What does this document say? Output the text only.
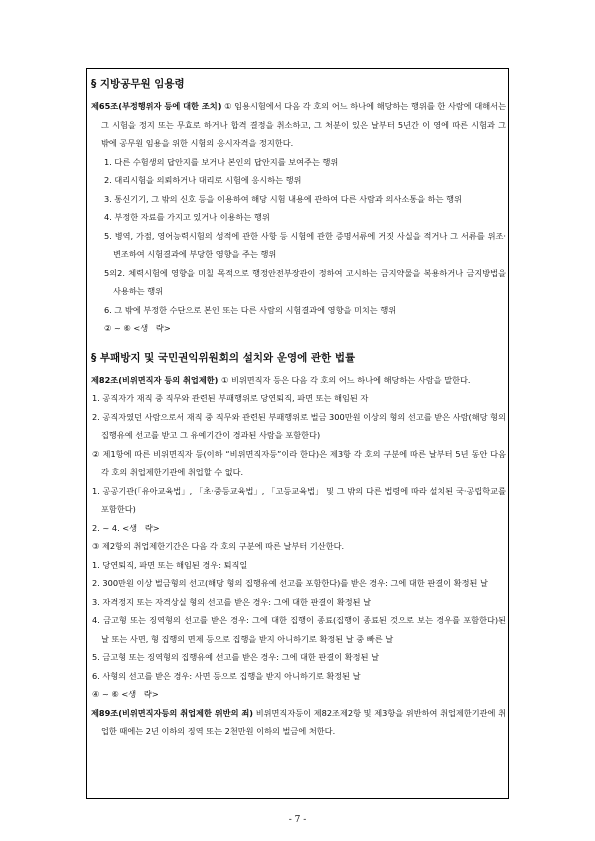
§ 지방공무원 임용령

제65조(부정행위자 등에 대한 조치) ① 임용시험에서 다음 각 호의 어느 하나에 해당하는 행위를 한 사람에 대해서는 그 시험을 정지 또는 무효로 하거나 합격 결정을 취소하고, 그 처분이 있은 날부터 5년간 이 영에 따른 시험과 그 밖에 공무원 임용을 위한 시험의 응시자격을 정지한다.

1. 다른 수험생의 답안지를 보거나 본인의 답안지를 보여주는 행위

2. 대리시험을 의뢰하거나 대리로 시험에 응시하는 행위

3. 통신기기, 그 밖의 신호 등을 이용하여 해당 시험 내용에 관하여 다른 사람과 의사소통을 하는 행위

4. 부정한 자료를 가지고 있거나 이용하는 행위

5. 병역, 가점, 영어능력시험의 성적에 관한 사항 등 시험에 관한 증명서류에 거짓 사실을 적거나 그 서류를 위조·변조하여 시험결과에 부당한 영향을 주는 행위

5의2. 체력시험에 영향을 미칠 목적으로 행정안전부장관이 정하여 고시하는 금지약물을 복용하거나 금지방법을 사용하는 행위

6. 그 밖에 부정한 수단으로 본인 또는 다른 사람의 시험결과에 영향을 미치는 행위

② ~ ⑥ <생   략>

§ 부패방지 및 국민권익위원회의 설치와 운영에 관한 법률

제82조(비위면직자 등의 취업제한) ① 비위면직자 등은 다음 각 호의 어느 하나에 해당하는 사람을 말한다.

1. 공직자가 재직 중 직무와 관련된 부패행위로 당연퇴직, 파면 또는 해임된 자

2. 공직자였던 사람으로서 재직 중 직무와 관련된 부패행위로 벌금 300만원 이상의 형의 선고를 받은 사람(해당 형의 집행유예 선고를 받고 그 유예기간이 경과된 사람을 포함한다)

② 제1항에 따른 비위면직자 등(이하 “비위면직자등”이라 한다)은 제3항 각 호의 구분에 따른 날부터 5년 동안 다음 각 호의 취업제한기관에 취업할 수 없다.

1. 공공기관(「유아교육법」, 「초·중등교육법」, 「고등교육법」 및 그 밖의 다른 법령에 따라 설치된 국·공립학교를 포함한다)

2. ~ 4. <생   략>

③ 제2항의 취업제한기간은 다음 각 호의 구분에 따른 날부터 기산한다.

1. 당연퇴직, 파면 또는 해임된 경우: 퇴직일

2. 300만원 이상 벌금형의 선고(해당 형의 집행유예 선고를 포함한다)를 받은 경우: 그에 대한 판결이 확정된 날

3. 자격정지 또는 자격상실 형의 선고를 받은 경우: 그에 대한 판결이 확정된 날

4. 금고형 또는 징역형의 선고를 받은 경우: 그에 대한 집행이 종료(집행이 종료된 것으로 보는 경우를 포함한다)된 날 또는 사면, 형 집행의 면제 등으로 집행을 받지 아니하기로 확정된 날 중 빠른 날

5. 금고형 또는 징역형의 집행유예 선고를 받은 경우: 그에 대한 판결이 확정된 날

6. 사형의 선고를 받은 경우: 사면 등으로 집행을 받지 아니하기로 확정된 날

④ ~ ⑥ <생   략>

제89조(비위면직자등의 취업제한 위반의 죄) 비위면직자등이 제82조제2항 및 제3항을 위반하여 취업제한기관에 취업한 때에는 2년 이하의 징역 또는 2천만원 이하의 벌금에 처한다.

- 7 -
